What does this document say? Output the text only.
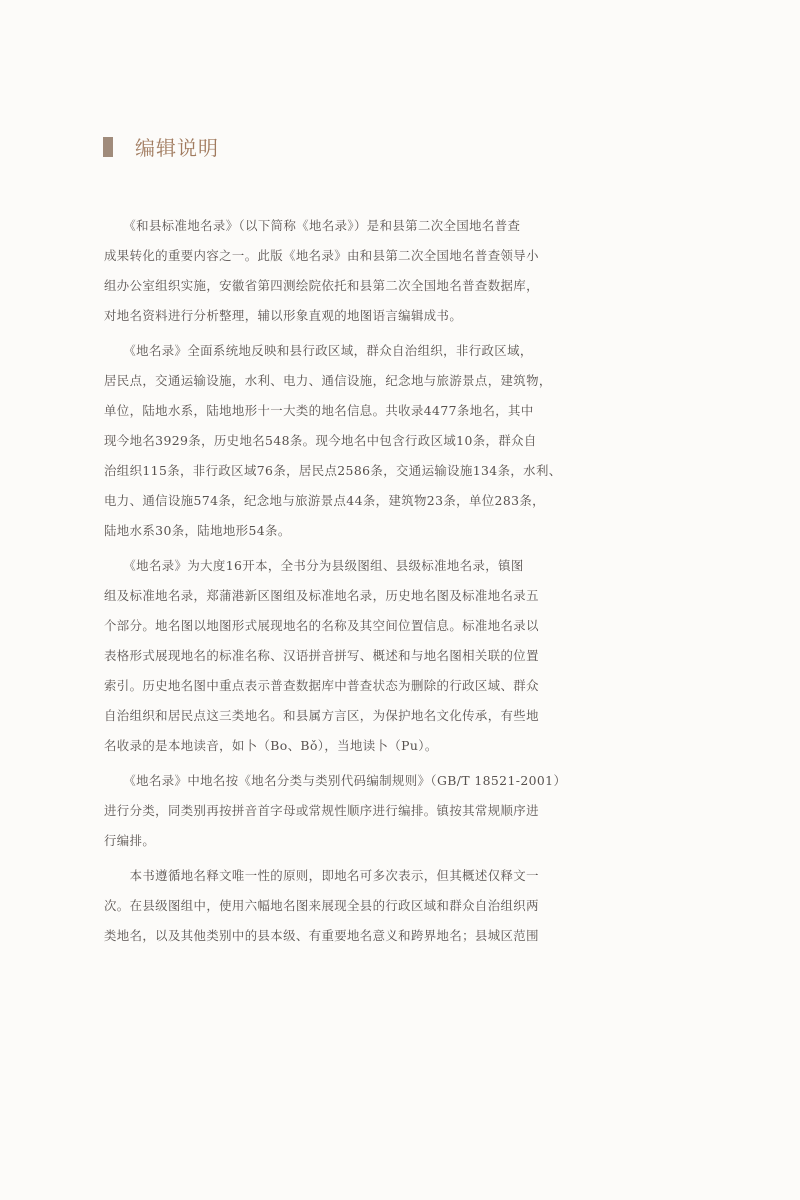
编辑说明
　　《和县标准地名录》（以下简称《地名录》）是和县第二次全国地名普查
成果转化的重要内容之一。此版《地名录》由和县第二次全国地名普查领导小
组办公室组织实施，安徽省第四测绘院依托和县第二次全国地名普查数据库，
对地名资料进行分析整理，辅以形象直观的地图语言编辑成书。
　　《地名录》全面系统地反映和县行政区域，群众自治组织，非行政区域，
居民点，交通运输设施，水利、电力、通信设施，纪念地与旅游景点，建筑物，
单位，陆地水系，陆地地形十一大类的地名信息。共收录4477条地名，其中
现今地名3929条，历史地名548条。现今地名中包含行政区域10条，群众自
治组织115条，非行政区域76条，居民点2586条，交通运输设施134条，水利、
电力、通信设施574条，纪念地与旅游景点44条，建筑物23条，单位283条，
陆地水系30条，陆地地形54条。
　　《地名录》为大度16开本，全书分为县级图组、县级标准地名录，镇图
组及标准地名录，郑蒲港新区图组及标准地名录，历史地名图及标准地名录五
个部分。地名图以地图形式展现地名的名称及其空间位置信息。标准地名录以
表格形式展现地名的标准名称、汉语拼音拼写、概述和与地名图相关联的位置
索引。历史地名图中重点表示普查数据库中普查状态为删除的行政区域、群众
自治组织和居民点这三类地名。和县属方言区，为保护地名文化传承，有些地
名收录的是本地读音，如卜（Bo、Bǒ），当地读卜（Pu）。
　　《地名录》中地名按《地名分类与类别代码编制规则》（GB/T 18521-2001）
进行分类，同类别再按拼音首字母或常规性顺序进行编排。镇按其常规顺序进
行编排。
　　本书遵循地名释文唯一性的原则，即地名可多次表示，但其概述仅释文一
次。在县级图组中，使用六幅地名图来展现全县的行政区域和群众自治组织两
类地名，以及其他类别中的县本级、有重要地名意义和跨界地名；县城区范围
